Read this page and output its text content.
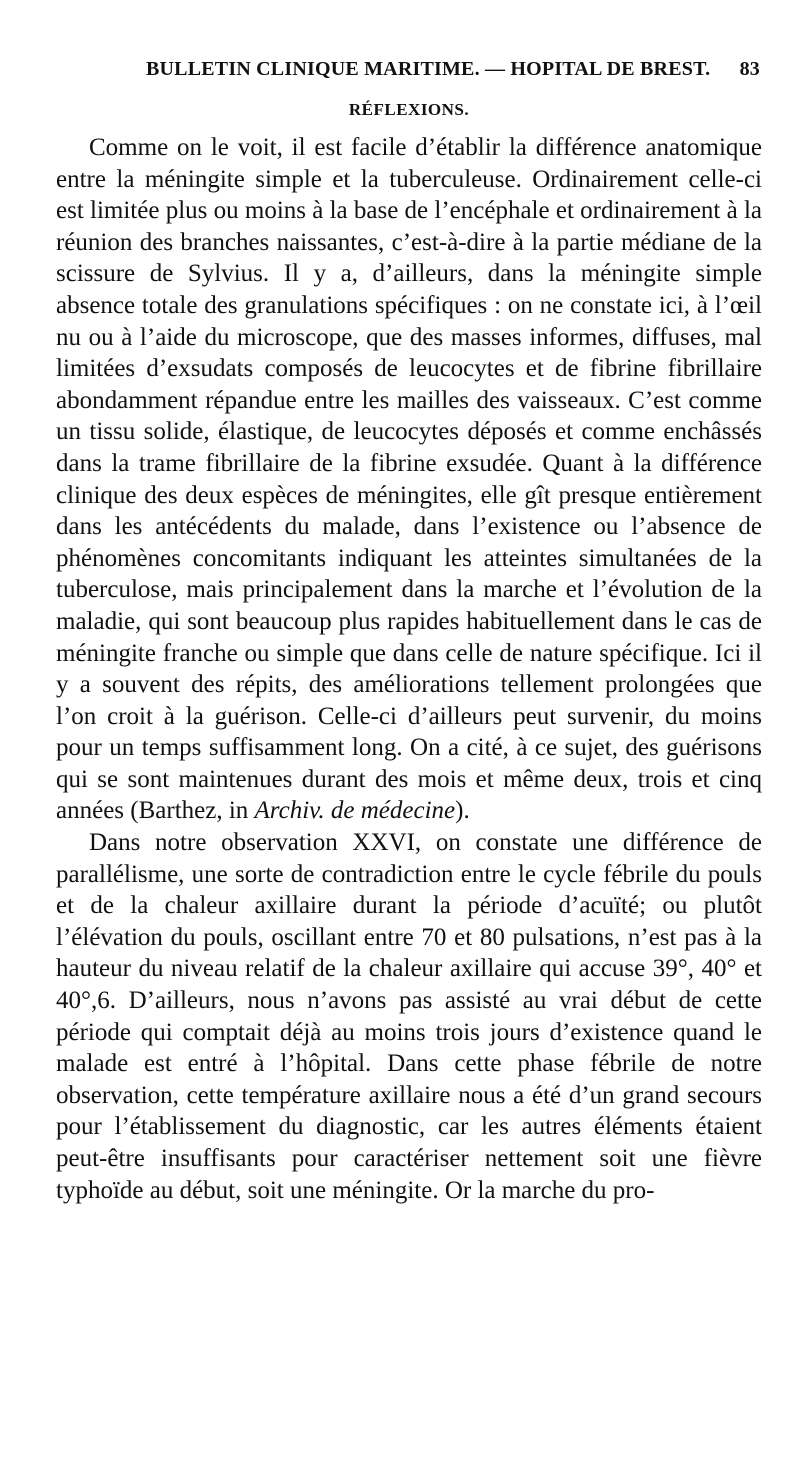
BULLETIN CLINIQUE MARITIME. — HOPITAL DE BREST. 83
RÉFLEXIONS.

Comme on le voit, il est facile d’établir la différence anatomique entre la méningite simple et la tuberculeuse. Ordinairement celle-ci est limitée plus ou moins à la base de l’encéphale et ordinairement à la réunion des branches naissantes, c’est-à-dire à la partie médiane de la scissure de Sylvius. Il y a, d’ailleurs, dans la méningite simple absence totale des granulations spécifiques : on ne constate ici, à l’œil nu ou à l’aide du microscope, que des masses informes, diffuses, mal limitées d’exsudats composés de leucocytes et de fibrine fibrillaire abondamment répandue entre les mailles des vaisseaux. C’est comme un tissu solide, élastique, de leucocytes déposés et comme enchâssés dans la trame fibrillaire de la fibrine exsudée. Quant à la différence clinique des deux espèces de méningites, elle gît presque entièrement dans les antécédents du malade, dans l’existence ou l’absence de phénomènes concomitants indiquant les atteintes simultanées de la tuberculose, mais principalement dans la marche et l’évolution de la maladie, qui sont beaucoup plus rapides habituellement dans le cas de méningite franche ou simple que dans celle de nature spécifique. Ici il y a souvent des répits, des améliorations tellement prolongées que l’on croit à la guérison. Celle-ci d’ailleurs peut survenir, du moins pour un temps suffisamment long. On a cité, à ce sujet, des guérisons qui se sont maintenues durant des mois et même deux, trois et cinq années (Barthez, in Archiv. de médecine).

Dans notre observation XXVI, on constate une différence de parallélisme, une sorte de contradiction entre le cycle fébrile du pouls et de la chaleur axillaire durant la période d’acuïté; ou plutôt l’élévation du pouls, oscillant entre 70 et 80 pulsations, n’est pas à la hauteur du niveau relatif de la chaleur axillaire qui accuse 39°, 40° et 40°,6. D’ailleurs, nous n’avons pas assisté au vrai début de cette période qui comptait déjà au moins trois jours d’existence quand le malade est entré à l’hôpital. Dans cette phase fébrile de notre observation, cette température axillaire nous a été d’un grand secours pour l’établissement du diagnostic, car les autres éléments étaient peut-être insuffisants pour caractériser nettement soit une fièvre typhoïde au début, soit une méningite. Or la marche du pro-
